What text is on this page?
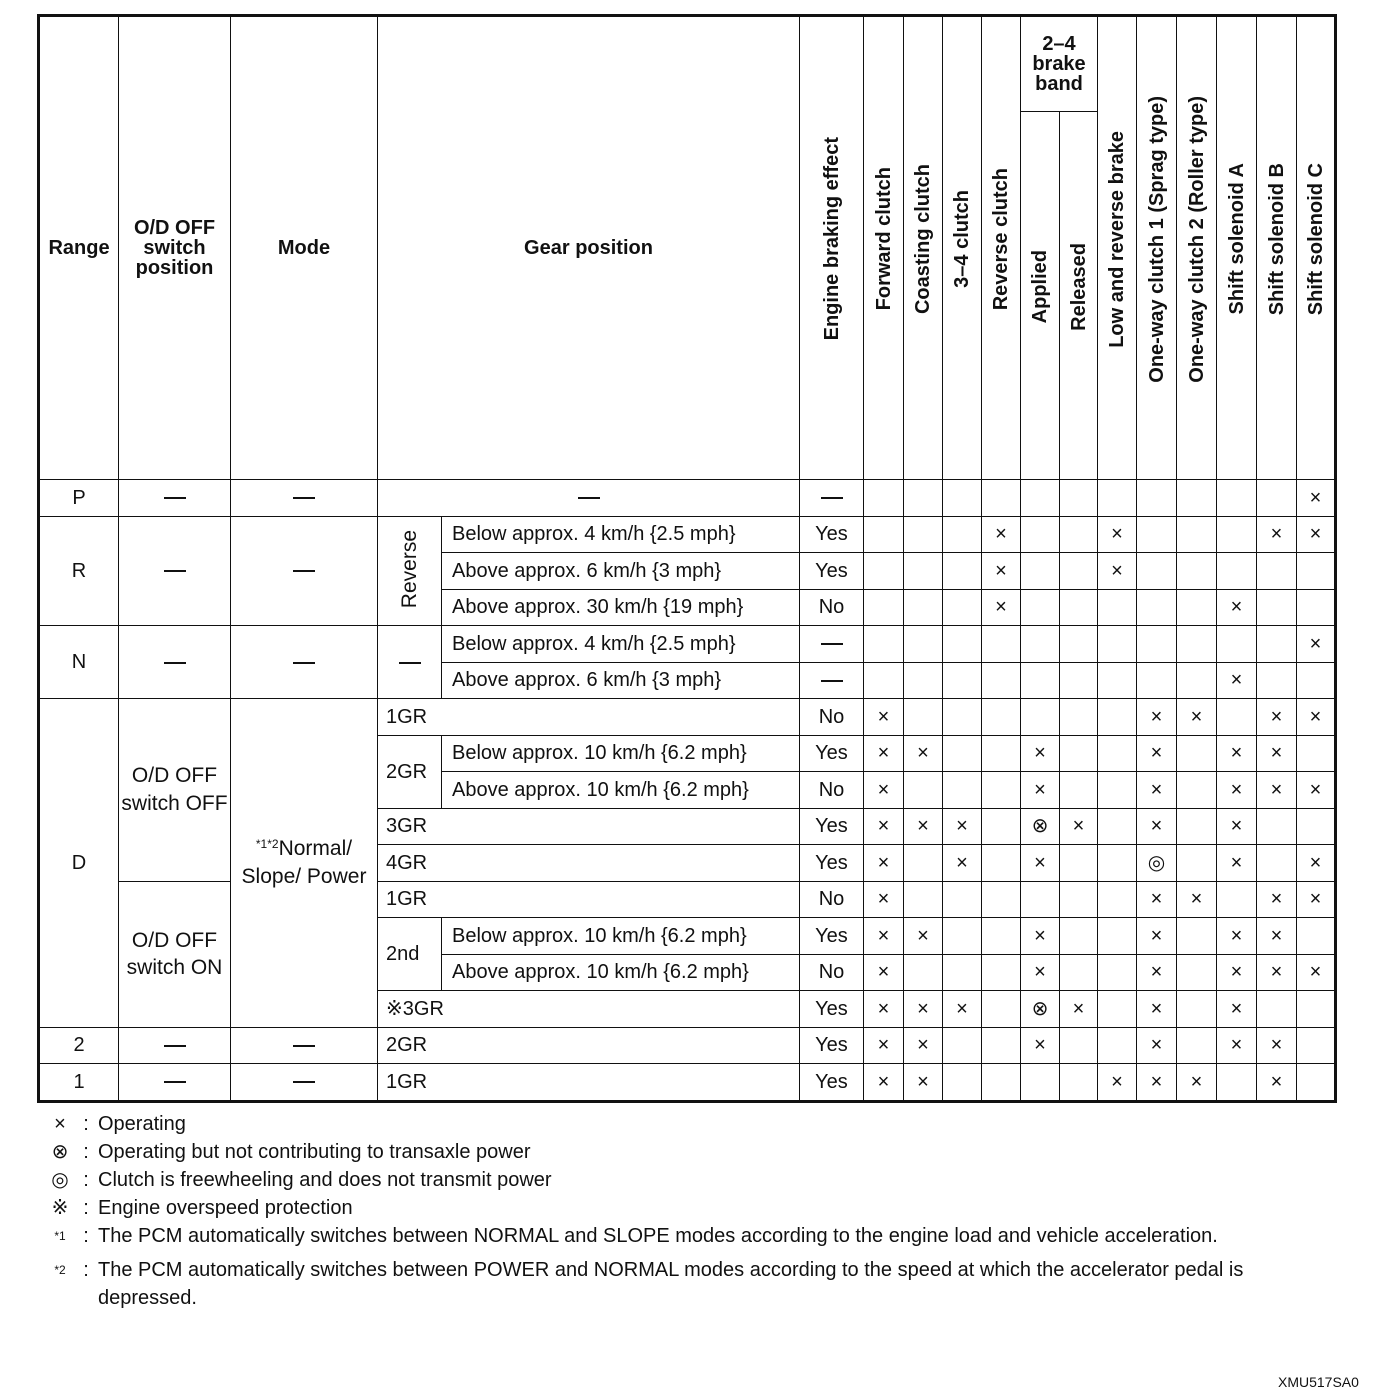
Range	O/D OFF switch position	Mode	Gear position		Engine braking effect	Forward clutch	Coasting clutch	3–4 clutch	Reverse clutch	2–4 brake band		Low and reverse brake	One-way clutch 1 (Sprag type)	One-way clutch 2 (Roller type)	Shift solenoid A	Shift solenoid B	Shift solenoid C
										Applied	Released						
P																	×
R			Reverse	Below approx. 4 km/h {2.5 mph}	Yes				×			×				×	×
				Above approx. 6 km/h {3 mph}	Yes				×			×					
				Above approx. 30 km/h {19 mph}	No				×						×		
N				Below approx. 4 km/h {2.5 mph}													×
				Above approx. 6 km/h {3 mph}											×		
D	O/D OFF switch OFF	$^{*1*2}$Normal/ Slope/ Power	1GR		No	×							×	×		×	×
			2GR	Below approx. 10 km/h {6.2 mph}	Yes	×	×			×			×		×	×	
				Above approx. 10 km/h {6.2 mph}	No	×				×			×		×	×	×
			3GR		Yes	×	×	×		⊗	×		×		×		
			4GR		Yes	×		×		×			◎		×		×
	O/D OFF switch ON		1GR		No	×							×	×		×	×
			2nd	Below approx. 10 km/h {6.2 mph}	Yes	×	×			×			×		×	×	
				Above approx. 10 km/h {6.2 mph}	No	×				×			×		×	×	×
			※3GR		Yes	×	×	×		⊗	×		×		×		
2			2GR		Yes	×	×			×			×		×	×	
1			1GR		Yes	×	×					×	×	×		×	
× : Operating
⊗ : Operating but not contributing to transaxle power
◎ : Clutch is freewheeling and does not transmit power
※ : Engine overspeed protection
$^{*1}$ : The PCM automatically switches between NORMAL and SLOPE modes according to the engine load and vehicle acceleration.
$^{*2}$ : The PCM automatically switches between POWER and NORMAL modes according to the speed at which the accelerator pedal is depressed.
XMU517SA0
